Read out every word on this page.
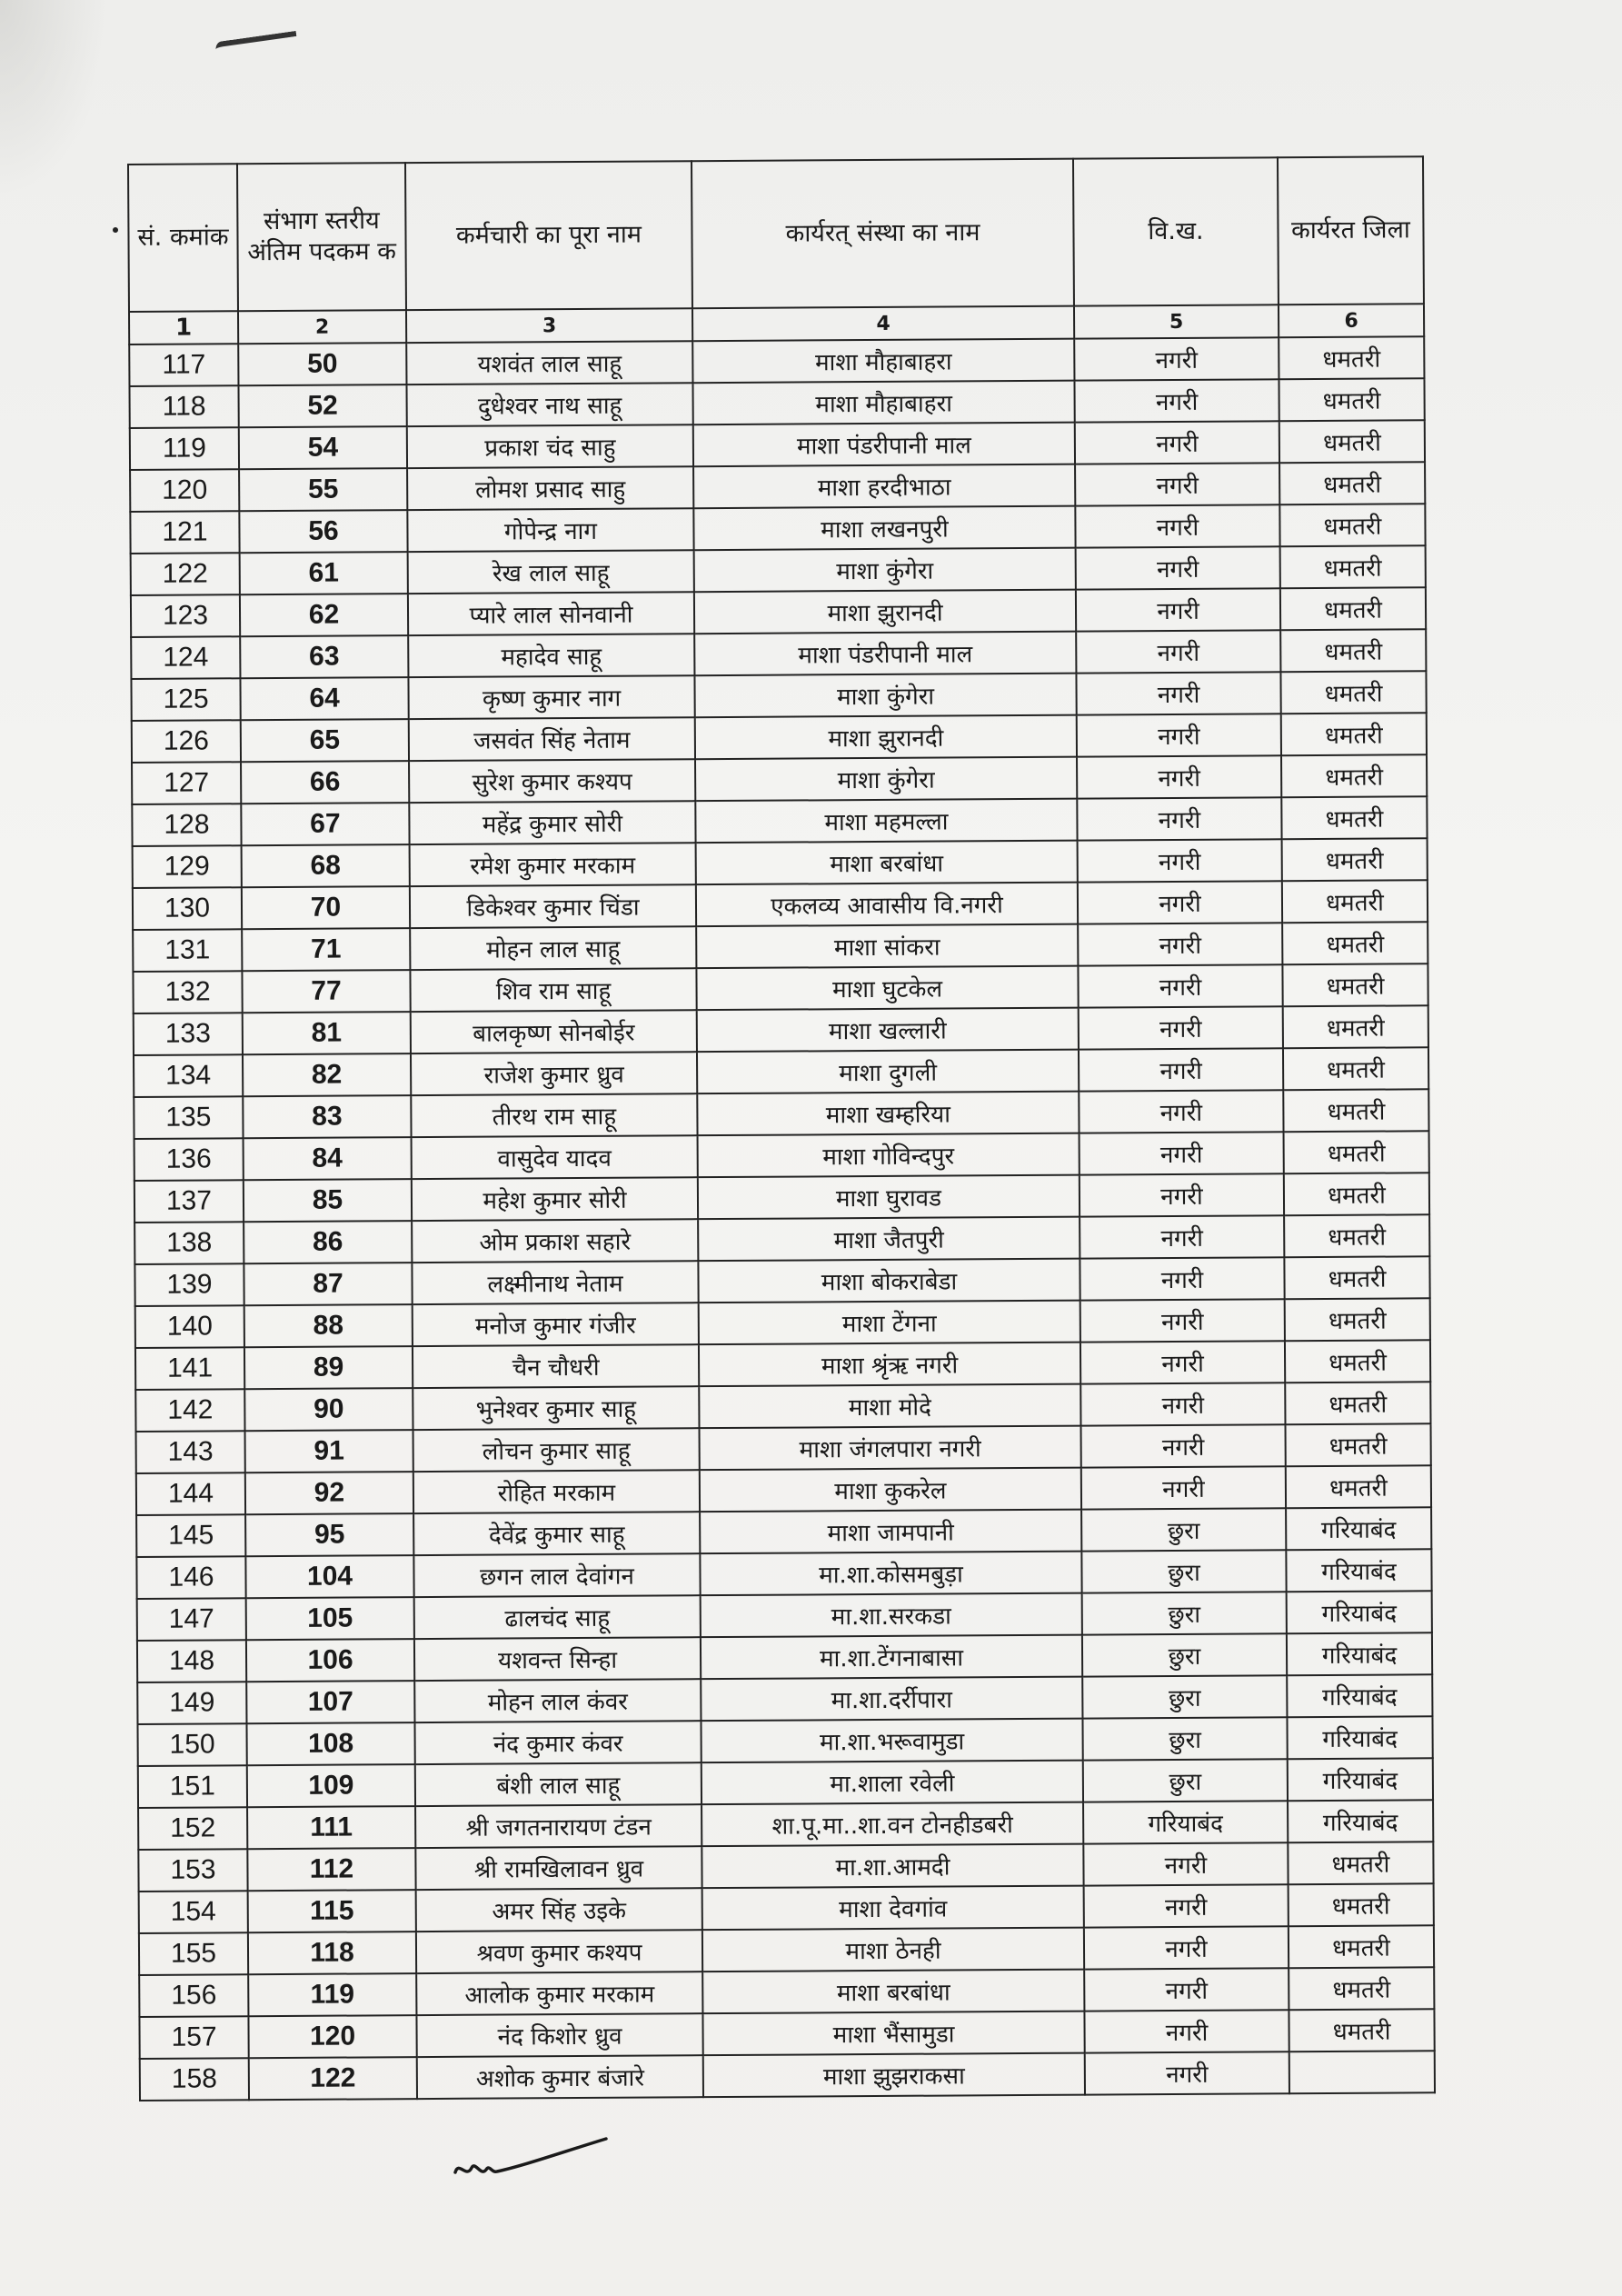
सं. कमांक	संभाग स्तरीय अंतिम पदकम क	कर्मचारी का पूरा नाम	कार्यरत् संस्था का नाम	वि.ख.	कार्यरत जिला
1	2	3	4	5	6
117	50	यशवंत लाल साहू	माशा मौहाबाहरा	नगरी	धमतरी
118	52	दुधेश्वर नाथ साहू	माशा मौहाबाहरा	नगरी	धमतरी
119	54	प्रकाश चंद साहु	माशा पंडरीपानी माल	नगरी	धमतरी
120	55	लोमश प्रसाद साहु	माशा हरदीभाठा	नगरी	धमतरी
121	56	गोपेन्द्र नाग	माशा लखनपुरी	नगरी	धमतरी
122	61	रेख लाल साहू	माशा कुंगेरा	नगरी	धमतरी
123	62	प्यारे लाल सोनवानी	माशा झुरानदी	नगरी	धमतरी
124	63	महादेव साहू	माशा पंडरीपानी माल	नगरी	धमतरी
125	64	कृष्ण कुमार नाग	माशा कुंगेरा	नगरी	धमतरी
126	65	जसवंत सिंह नेताम	माशा झुरानदी	नगरी	धमतरी
127	66	सुरेश कुमार कश्यप	माशा कुंगेरा	नगरी	धमतरी
128	67	महेंद्र कुमार सोरी	माशा महमल्ला	नगरी	धमतरी
129	68	रमेश कुमार मरकाम	माशा बरबांधा	नगरी	धमतरी
130	70	डिकेश्वर कुमार चिंडा	एकलव्य आवासीय वि.नगरी	नगरी	धमतरी
131	71	मोहन लाल साहू	माशा सांकरा	नगरी	धमतरी
132	77	शिव राम साहू	माशा घुटकेल	नगरी	धमतरी
133	81	बालकृष्ण सोनबोईर	माशा खल्लारी	नगरी	धमतरी
134	82	राजेश कुमार ध्रुव	माशा दुगली	नगरी	धमतरी
135	83	तीरथ राम साहू	माशा खम्हरिया	नगरी	धमतरी
136	84	वासुदेव यादव	माशा गोविन्दपुर	नगरी	धमतरी
137	85	महेश कुमार सोरी	माशा घुरावड	नगरी	धमतरी
138	86	ओम प्रकाश सहारे	माशा जैतपुरी	नगरी	धमतरी
139	87	लक्ष्मीनाथ नेताम	माशा बोकराबेडा	नगरी	धमतरी
140	88	मनोज कुमार गंजीर	माशा टेंगना	नगरी	धमतरी
141	89	चैन चौधरी	माशा श्रृंऋ नगरी	नगरी	धमतरी
142	90	भुनेश्वर कुमार साहू	माशा मोदे	नगरी	धमतरी
143	91	लोचन कुमार साहू	माशा जंगलपारा नगरी	नगरी	धमतरी
144	92	रोहित मरकाम	माशा कुकरेल	नगरी	धमतरी
145	95	देवेंद्र कुमार साहू	माशा जामपानी	छुरा	गरियाबंद
146	104	छगन लाल देवांगन	मा.शा.कोसमबुड़ा	छुरा	गरियाबंद
147	105	ढालचंद साहू	मा.शा.सरकडा	छुरा	गरियाबंद
148	106	यशवन्त सिन्हा	मा.शा.टेंगनाबासा	छुरा	गरियाबंद
149	107	मोहन लाल कंवर	मा.शा.दर्रीपारा	छुरा	गरियाबंद
150	108	नंद कुमार कंवर	मा.शा.भरूवामुडा	छुरा	गरियाबंद
151	109	बंशी लाल साहू	मा.शाला रवेली	छुरा	गरियाबंद
152	111	श्री जगतनारायण टंडन	शा.पू.मा..शा.वन टोनहीडबरी	गरियाबंद	गरियाबंद
153	112	श्री रामखिलावन ध्रुव	मा.शा.आमदी	नगरी	धमतरी
154	115	अमर सिंह उइके	माशा देवगांव	नगरी	धमतरी
155	118	श्रवण कुमार कश्यप	माशा ठेनही	नगरी	धमतरी
156	119	आलोक कुमार मरकाम	माशा बरबांधा	नगरी	धमतरी
157	120	नंद किशोर ध्रुव	माशा भैंसामुडा	नगरी	धमतरी
158	122	अशोक कुमार बंजारे	माशा झुझराकसा	नगरी	
